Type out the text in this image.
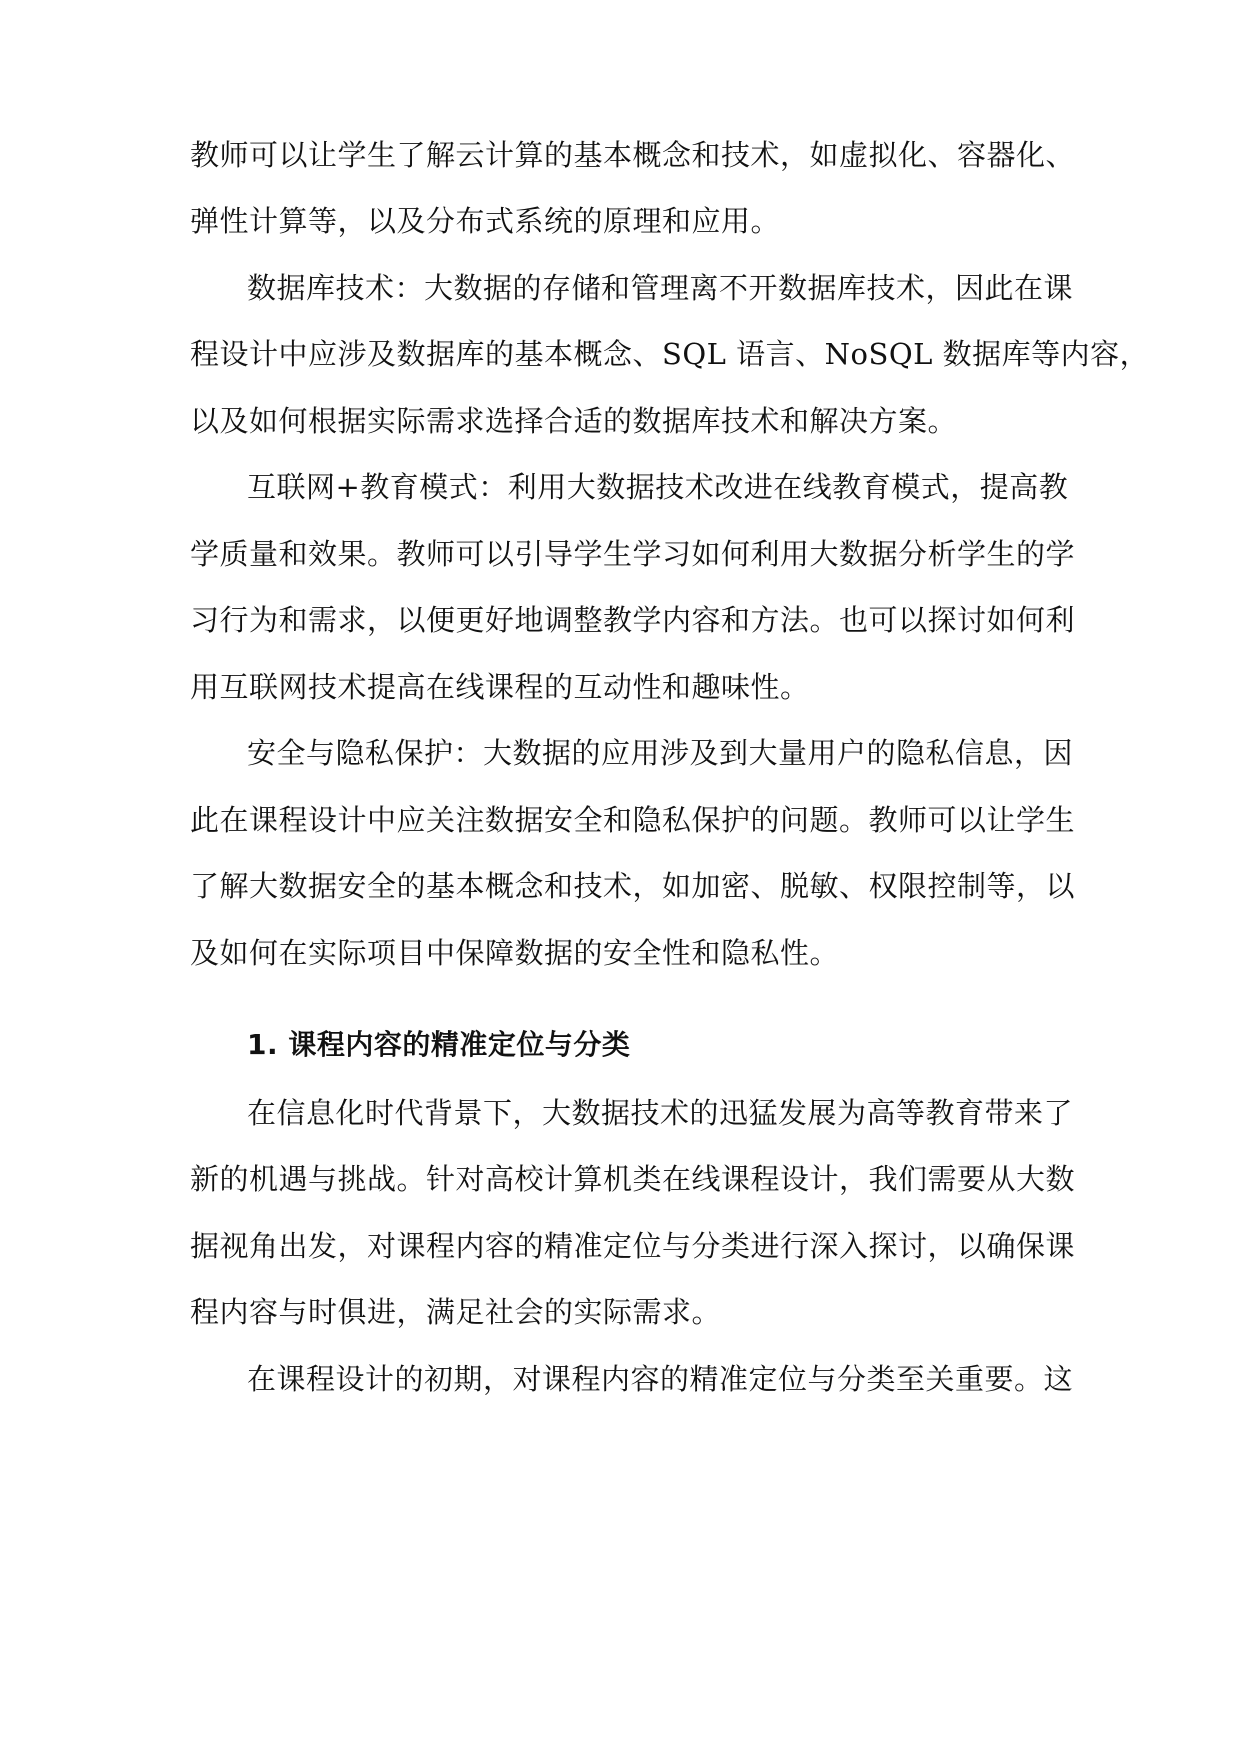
教师可以让学生了解云计算的基本概念和技术，如虚拟化、容器化、
弹性计算等，以及分布式系统的原理和应用。
数据库技术：大数据的存储和管理离不开数据库技术，因此在课
程设计中应涉及数据库的基本概念、SQL 语言、NoSQL 数据库等内容，
以及如何根据实际需求选择合适的数据库技术和解决方案。
互联网+教育模式：利用大数据技术改进在线教育模式，提高教
学质量和效果。教师可以引导学生学习如何利用大数据分析学生的学
习行为和需求，以便更好地调整教学内容和方法。也可以探讨如何利
用互联网技术提高在线课程的互动性和趣味性。
安全与隐私保护：大数据的应用涉及到大量用户的隐私信息，因
此在课程设计中应关注数据安全和隐私保护的问题。教师可以让学生
了解大数据安全的基本概念和技术，如加密、脱敏、权限控制等，以
及如何在实际项目中保障数据的安全性和隐私性。
1. 课程内容的精准定位与分类
在信息化时代背景下，大数据技术的迅猛发展为高等教育带来了
新的机遇与挑战。针对高校计算机类在线课程设计，我们需要从大数
据视角出发，对课程内容的精准定位与分类进行深入探讨，以确保课
程内容与时俱进，满足社会的实际需求。
在课程设计的初期，对课程内容的精准定位与分类至关重要。这
